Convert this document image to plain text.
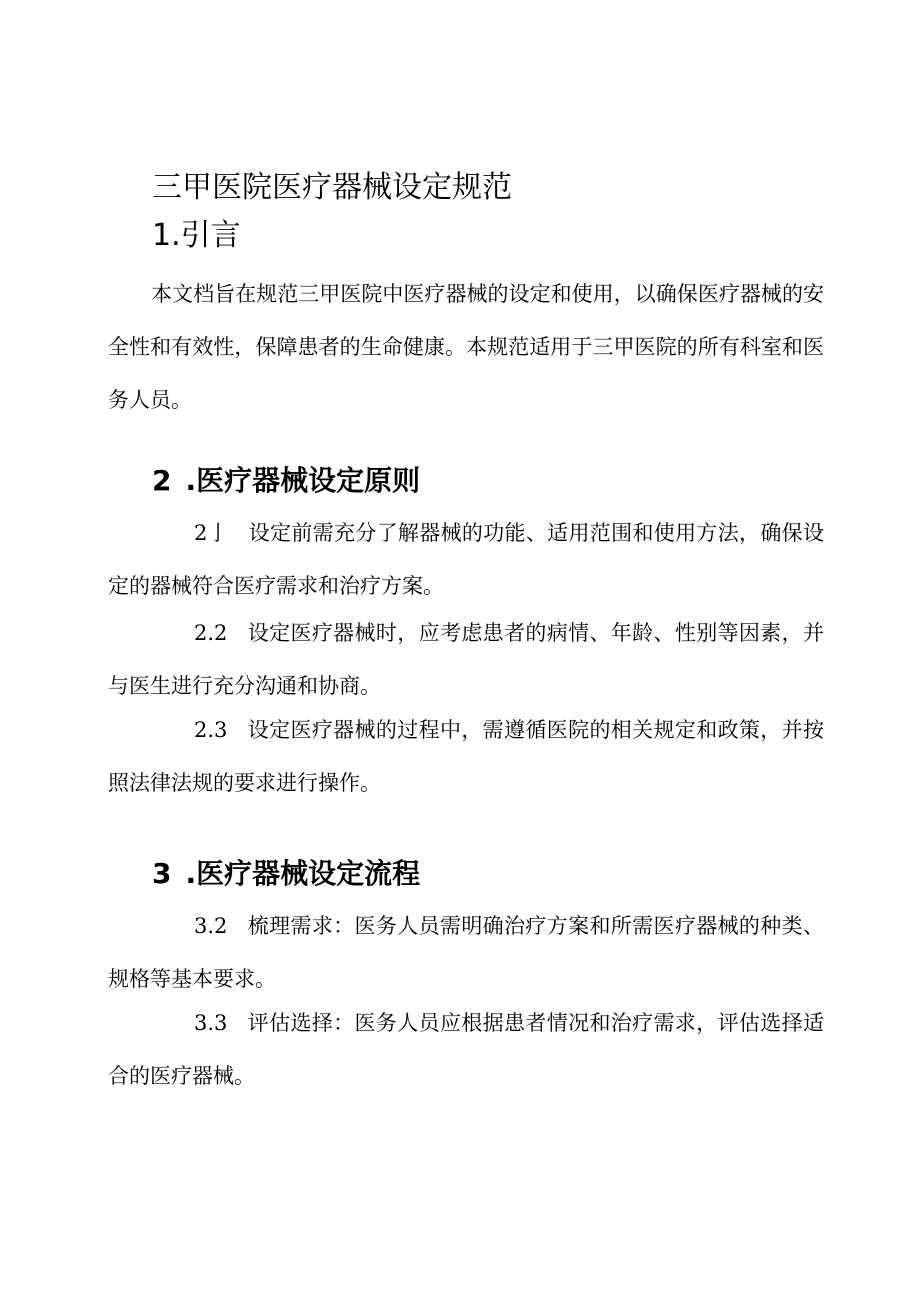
三甲医院医疗器械设定规范
1.引言
本文档旨在规范三甲医院中医疗器械的设定和使用，以确保医疗器械的安全性和有效性，保障患者的生命健康。本规范适用于三甲医院的所有科室和医务人员。
2 .医疗器械设定原则
2亅 设定前需充分了解器械的功能、适用范围和使用方法，确保设定的器械符合医疗需求和治疗方案。
2.2 设定医疗器械时，应考虑患者的病情、年龄、性别等因素，并与医生进行充分沟通和协商。
2.3 设定医疗器械的过程中，需遵循医院的相关规定和政策，并按照法律法规的要求进行操作。
3 .医疗器械设定流程
3.2 梳理需求：医务人员需明确治疗方案和所需医疗器械的种类、规格等基本要求。
3.3 评估选择：医务人员应根据患者情况和治疗需求，评估选择适合的医疗器械。
